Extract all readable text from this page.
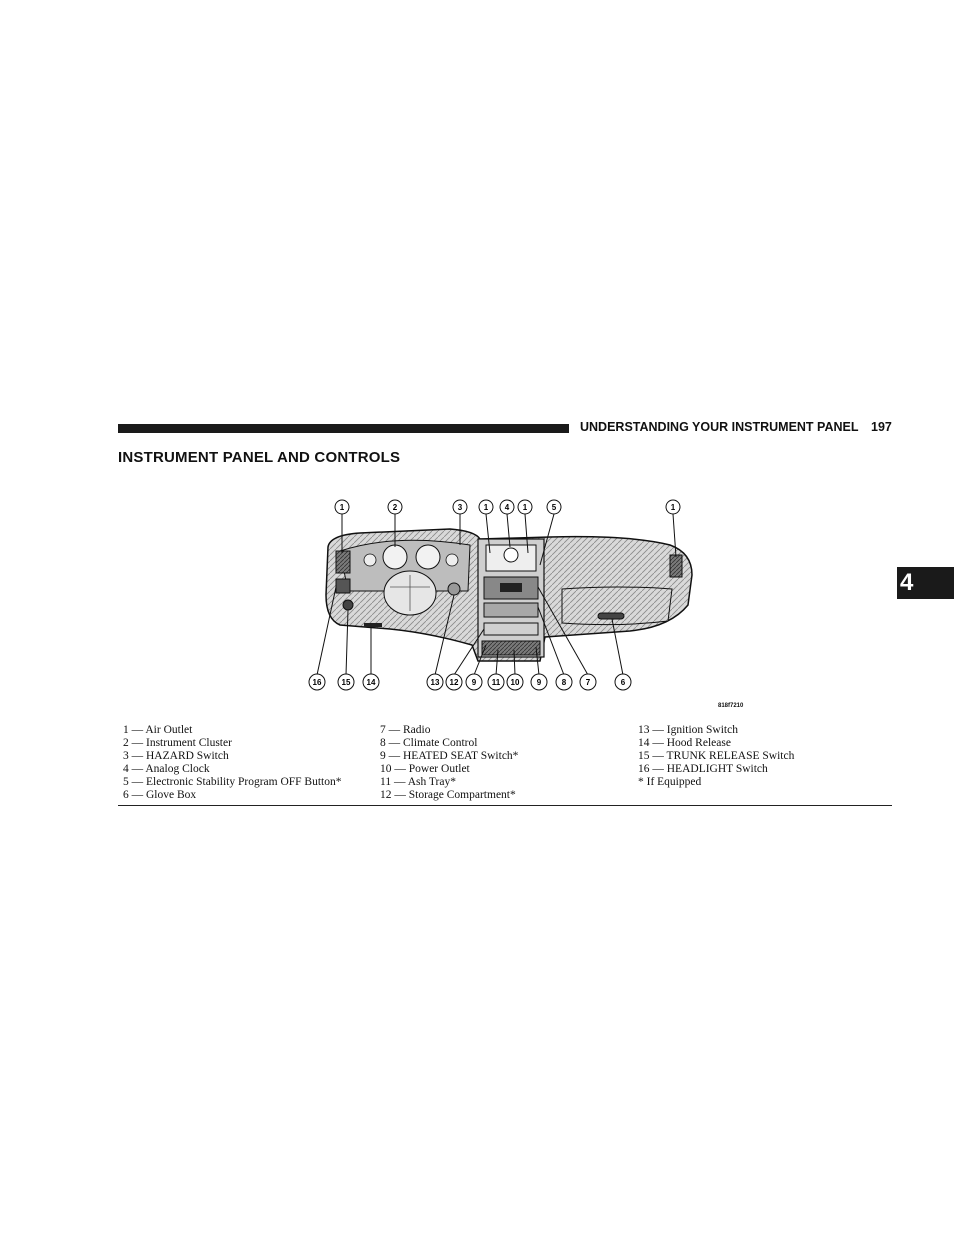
UNDERSTANDING YOUR INSTRUMENT PANEL 197
INSTRUMENT PANEL AND CONTROLS
4
1	2	3	1 4 1	5	1
16	15 14	13 12 9 11 10 9	8 7	6
818f7210
1 — Air Outlet
2 — Instrument Cluster
3 — HAZARD Switch
4 — Analog Clock
5 — Electronic Stability Program OFF Button*
6 — Glove Box
7 — Radio
8 — Climate Control
9 — HEATED SEAT Switch*
10 — Power Outlet
11 — Ash Tray*
12 — Storage Compartment*
13 — Ignition Switch
14 — Hood Release
15 — TRUNK RELEASE Switch
16 — HEADLIGHT Switch
* If Equipped
